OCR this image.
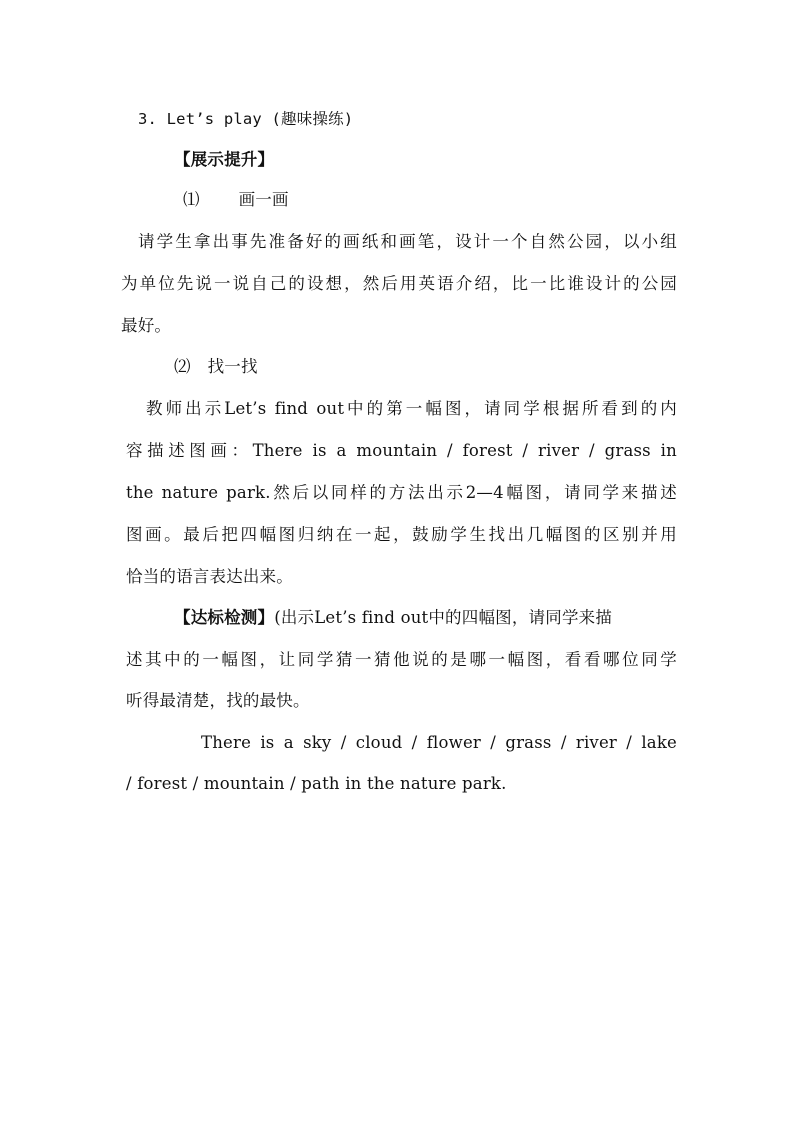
3. Let’s play (趣味操练)
【展示提升】
⑴ 画一画
请学生拿出事先准备好的画纸和画笔，设计一个自然公园，以小组
为单位先说一说自己的设想，然后用英语介绍，比一比谁设计的公园
最好。
⑵ 找一找
教师出示Let’s find out中的第一幅图，请同学根据所看到的内
容描述图画：There is a mountain / forest / river / grass in
the nature park.然后以同样的方法出示2—4幅图，请同学来描述
图画。最后把四幅图归纳在一起，鼓励学生找出几幅图的区别并用
恰当的语言表达出来。
【达标检测】(出示Let’s find out中的四幅图，请同学来描
述其中的一幅图，让同学猜一猜他说的是哪一幅图，看看哪位同学
听得最清楚，找的最快。
There is a sky / cloud / flower / grass / river / lake
/ forest / mountain / path in the nature park.
